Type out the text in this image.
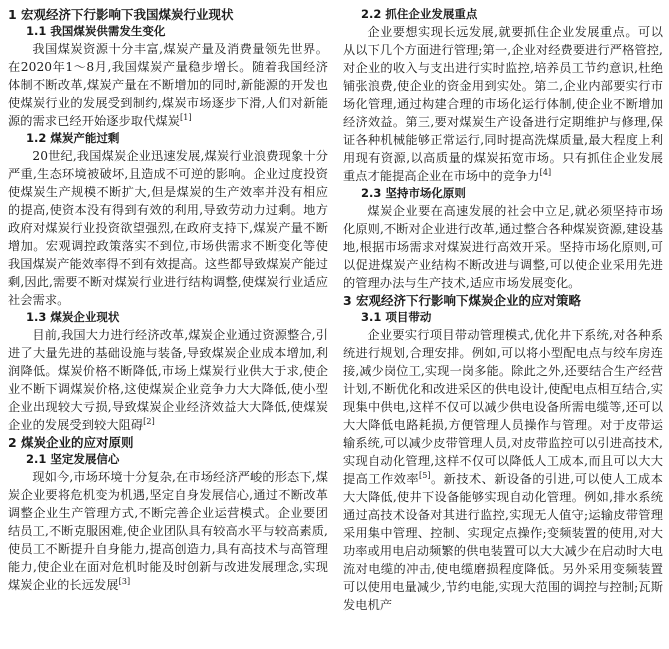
1 宏观经济下行影响下我国煤炭行业现状
1.1 我国煤炭供需发生变化

我国煤炭资源十分丰富,煤炭产量及消费量领先世界。在2020年1～8月,我国煤炭产量稳步增长。随着我国经济体制不断改革,煤炭产量在不断增加的同时,新能源的开发也使煤炭行业的发展受到制约,煤炭市场逐步下滑,人们对新能源的需求已经开始逐步取代煤炭[1]

1.2 煤炭产能过剩

20世纪,我国煤炭企业迅速发展,煤炭行业浪费现象十分严重,生态环境被破坏,且造成不可逆的影响。企业过度投资使煤炭生产规模不断扩大,但是煤炭的生产效率并没有相应的提高,使资本没有得到有效的利用,导致劳动力过剩。地方政府对煤炭行业投资欲望强烈,在政府支持下,煤炭产量不断增加。宏观调控政策落实不到位,市场供需求不断变化等使我国煤炭产能效率得不到有效提高。这些都导致煤炭产能过剩,因此,需要不断对煤炭行业进行结构调整,使煤炭行业适应社会需求。

1.3 煤炭企业现状

目前,我国大力进行经济改革,煤炭企业通过资源整合,引进了大量先进的基础设施与装备,导致煤炭企业成本增加,利润降低。煤炭价格不断降低,市场上煤炭行业供大于求,使企业不断下调煤炭价格,这使煤炭企业竞争力大大降低,使小型企业出现较大亏损,导致煤炭企业经济效益大大降低,使煤炭企业的发展受到较大阻碍[2]

2 煤炭企业的应对原则
2.1 坚定发展信心

现如今,市场环境十分复杂,在市场经济严峻的形态下,煤炭企业要将危机变为机遇,坚定自身发展信心,通过不断改革调整企业生产管理方式,不断完善企业运营模式。企业要团结员工,不断克服困难,使企业团队具有较高水平与较高素质,使员工不断提升自身能力,提高创造力,具有高技术与高管理能力,使企业在面对危机时能及时创新与改进发展理念,实现煤炭企业的长远发展[3]

2.2 抓住企业发展重点

企业要想实现长远发展,就要抓住企业发展重点。可以从以下几个方面进行管理;第一,企业对经费要进行严格管控,对企业的收入与支出进行实时监控,培养员工节约意识,杜绝铺张浪费,使企业的资金用到实处。第二,企业内部要实行市场化管理,通过构建合理的市场化运行体制,使企业不断增加经济效益。第三,要对煤炭生产设备进行定期维护与修理,保证各种机械能够正常运行,同时提高洗煤质量,最大程度上利用现有资源,以高质量的煤炭拓宽市场。只有抓住企业发展重点才能提高企业在市场中的竞争力[4]

2.3 坚持市场化原则

煤炭企业要在高速发展的社会中立足,就必须坚持市场化原则,不断对企业进行改革,通过整合各种煤炭资源,建设基地,根据市场需求对煤炭进行高效开采。坚持市场化原则,可以促进煤炭产业结构不断改进与调整,可以使企业采用先进的管理办法与生产技术,适应市场发展变化。

3 宏观经济下行影响下煤炭企业的应对策略
3.1 项目带动

企业要实行项目带动管理模式,优化井下系统,对各种系统进行规划,合理安排。例如,可以将小型配电点与绞车房连接,减少岗位工,实现一岗多能。除此之外,还要结合生产经营计划,不断优化和改进采区的供电设计,使配电点相互结合,实现集中供电,这样不仅可以减少供电设备所需电缆等,还可以大大降低电路耗损,方便管理人员操作与管理。对于皮带运输系统,可以减少皮带管理人员,对皮带监控可以引进高技术,实现自动化管理,这样不仅可以降低人工成本,而且可以大大提高工作效率[5]。新技术、新设备的引进,可以使人工成本大大降低,使井下设备能够实现自动化管理。例如,排水系统通过高技术设备对其进行监控,实现无人值守;运输皮带管理采用集中管理、控制、实现定点操作;变频装置的使用,对大功率或用电启动频繁的供电装置可以大大减少在启动时大电流对电缆的冲击,使电缆磨损程度降低。另外采用变频装置可以使用电量减少,节约电能,实现大范围的调控与控制;瓦斯发电机产
